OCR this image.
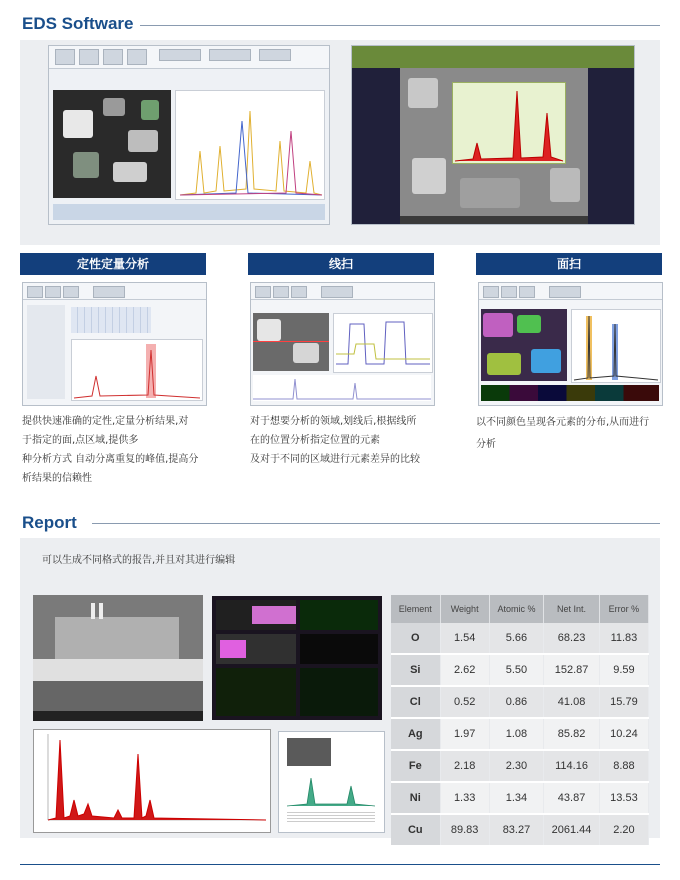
EDS Software
定性定量分析	线扫	面扫
提供快速准确的定性,定量分析结果,对
于指定的面,点区域,提供多
种分析方式 自动分离重复的峰值,提高分
析结果的信赖性
对于想要分析的领域,划线后,根据线所
在的位置分析指定位置的元素
及对于不同的区域进行元素差异的比较
以不同颜色呈现各元素的分布,从而进行
分析
Report
可以生成不同格式的报告,并且对其进行编辑
Element	Weight	Atomic %	Net Int.	Error %
O	1.54	5.66	68.23	11.83
Si	2.62	5.50	152.87	9.59
Cl	0.52	0.86	41.08	15.79
Ag	1.97	1.08	85.82	10.24
Fe	2.18	2.30	114.16	8.88
Ni	1.33	1.34	43.87	13.53
Cu	89.83	83.27	2061.44	2.20
